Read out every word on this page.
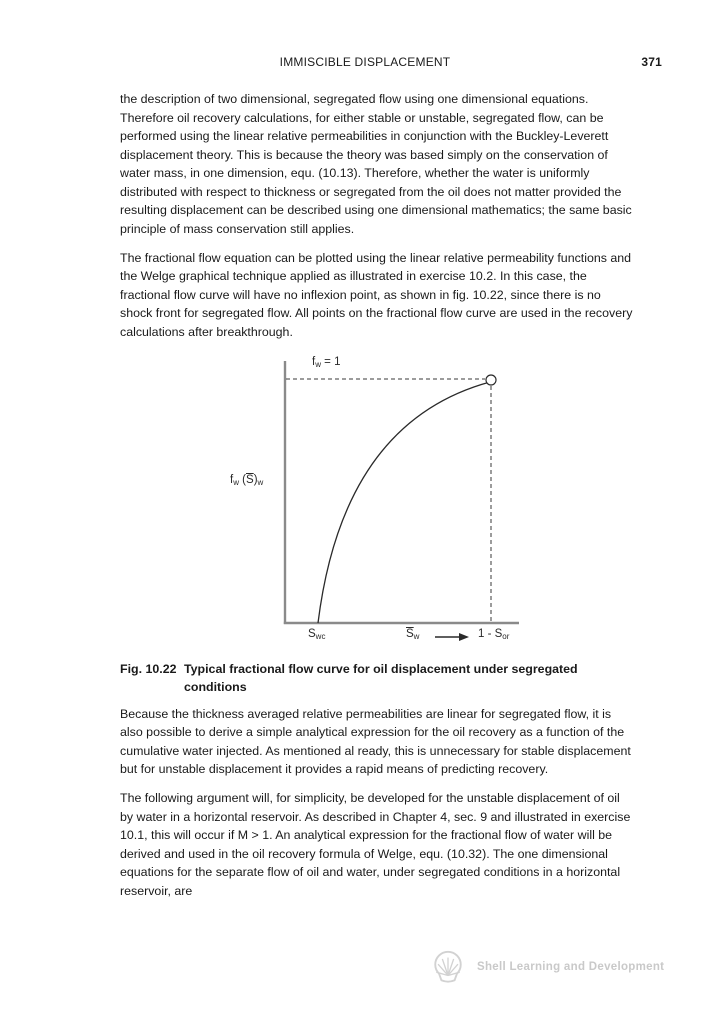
IMMISCIBLE DISPLACEMENT	371

the description of two dimensional, segregated flow using one dimensional equations. Therefore oil recovery calculations, for either stable or unstable, segregated flow, can be performed using the linear relative permeabilities in conjunction with the Buckley-Leverett displacement theory. This is because the theory was based simply on the conservation of water mass, in one dimension, equ. (10.13). Therefore, whether the water is uniformly distributed with respect to thickness or segregated from the oil does not matter provided the resulting displacement can be described using one dimensional mathematics; the same basic principle of mass conservation still applies.

The fractional flow equation can be plotted using the linear relative permeability functions and the Welge graphical technique applied as illustrated in exercise 10.2. In this case, the fractional flow curve will have no inflexion point, as shown in fig. 10.22, since there is no shock front for segregated flow. All points on the fractional flow curve are used in the recovery calculations after breakthrough.

$f_w = 1$
$f_w$ $(\overline{S})_w$
$S_{wc}$	$\overline{S}_w$	$1 - S_{or}$
Fig. 10.22 Typical fractional flow curve for oil displacement under segregated conditions

Because the thickness averaged relative permeabilities are linear for segregated flow, it is also possible to derive a simple analytical expression for the oil recovery as a function of the cumulative water injected. As mentioned al ready, this is unnecessary for stable displacement but for unstable displacement it provides a rapid means of predicting recovery.

The following argument will, for simplicity, be developed for the unstable displacement of oil by water in a horizontal reservoir. As described in Chapter 4, sec. 9 and illustrated in exercise 10.1, this will occur if M > 1. An analytical expression for the fractional flow of water will be derived and used in the oil recovery formula of Welge, equ. (10.32). The one dimensional equations for the separate flow of oil and water, under segregated conditions in a horizontal reservoir, are

Shell Learning and Development
